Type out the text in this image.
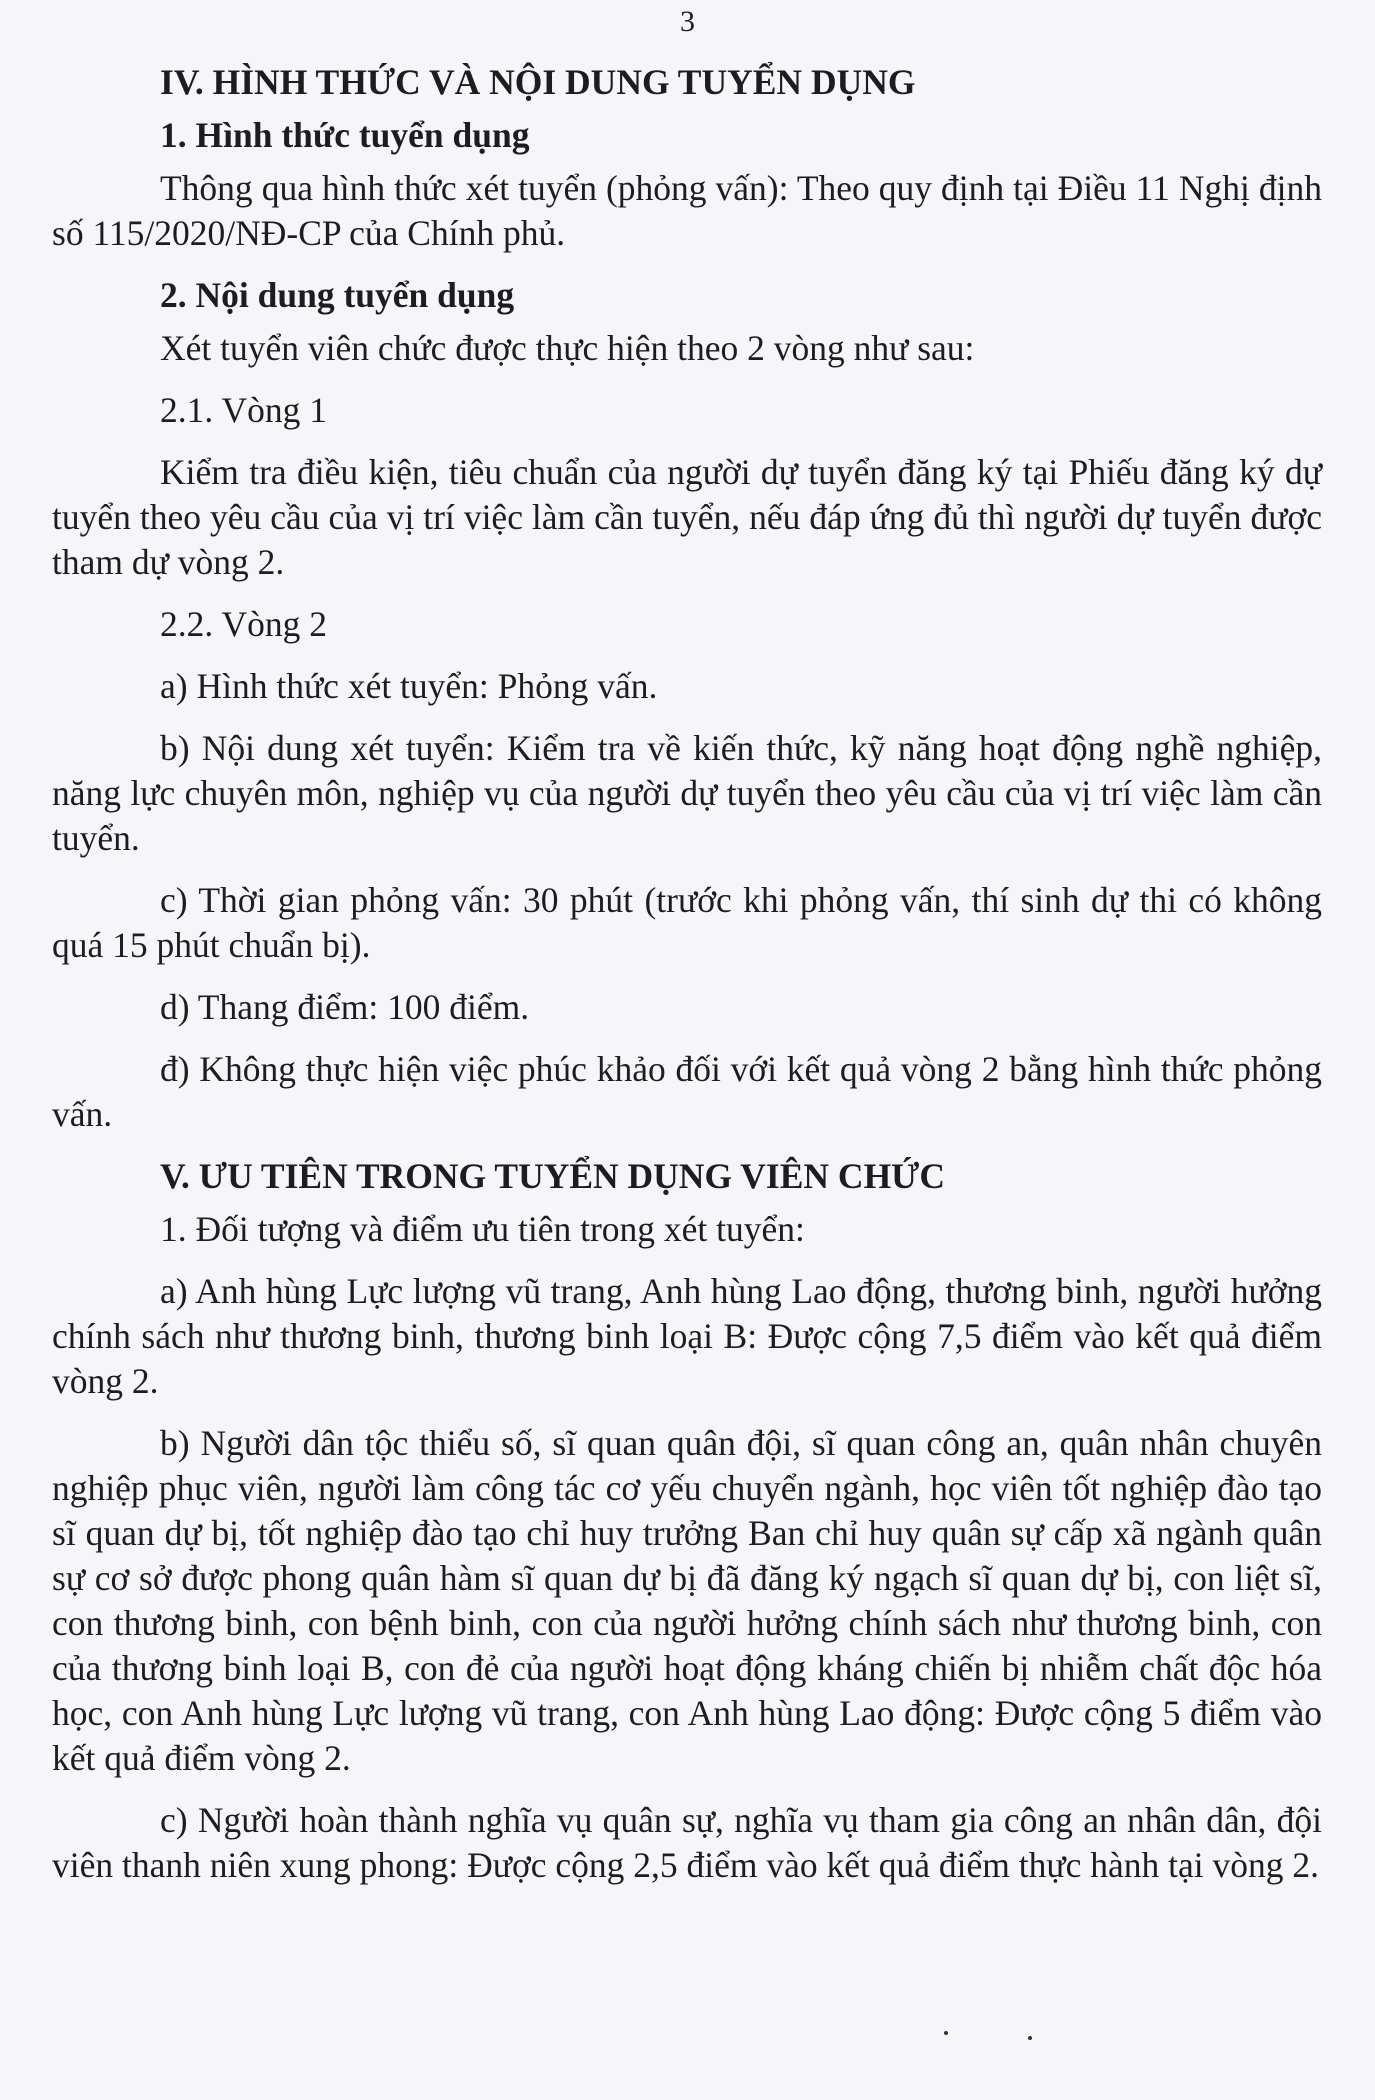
3
IV. HÌNH THỨC VÀ NỘI DUNG TUYỂN DỤNG
1. Hình thức tuyển dụng

Thông qua hình thức xét tuyển (phỏng vấn): Theo quy định tại Điều 11 Nghị định số 115/2020/NĐ-CP của Chính phủ.

2. Nội dung tuyển dụng

Xét tuyển viên chức được thực hiện theo 2 vòng như sau:

2.1. Vòng 1

Kiểm tra điều kiện, tiêu chuẩn của người dự tuyển đăng ký tại Phiếu đăng ký dự tuyển theo yêu cầu của vị trí việc làm cần tuyển, nếu đáp ứng đủ thì người dự tuyển được tham dự vòng 2.

2.2. Vòng 2

a) Hình thức xét tuyển: Phỏng vấn.

b) Nội dung xét tuyển: Kiểm tra về kiến thức, kỹ năng hoạt động nghề nghiệp, năng lực chuyên môn, nghiệp vụ của người dự tuyển theo yêu cầu của vị trí việc làm cần tuyển.

c) Thời gian phỏng vấn: 30 phút (trước khi phỏng vấn, thí sinh dự thi có không quá 15 phút chuẩn bị).

d) Thang điểm: 100 điểm.

đ) Không thực hiện việc phúc khảo đối với kết quả vòng 2 bằng hình thức phỏng vấn.

V. ƯU TIÊN TRONG TUYỂN DỤNG VIÊN CHỨC

1. Đối tượng và điểm ưu tiên trong xét tuyển:

a) Anh hùng Lực lượng vũ trang, Anh hùng Lao động, thương binh, người hưởng chính sách như thương binh, thương binh loại B: Được cộng 7,5 điểm vào kết quả điểm vòng 2.

b) Người dân tộc thiểu số, sĩ quan quân đội, sĩ quan công an, quân nhân chuyên nghiệp phục viên, người làm công tác cơ yếu chuyển ngành, học viên tốt nghiệp đào tạo sĩ quan dự bị, tốt nghiệp đào tạo chỉ huy trưởng Ban chỉ huy quân sự cấp xã ngành quân sự cơ sở được phong quân hàm sĩ quan dự bị đã đăng ký ngạch sĩ quan dự bị, con liệt sĩ, con thương binh, con bệnh binh, con của người hưởng chính sách như thương binh, con của thương binh loại B, con đẻ của người hoạt động kháng chiến bị nhiễm chất độc hóa học, con Anh hùng Lực lượng vũ trang, con Anh hùng Lao động: Được cộng 5 điểm vào kết quả điểm vòng 2.

c) Người hoàn thành nghĩa vụ quân sự, nghĩa vụ tham gia công an nhân dân, đội viên thanh niên xung phong: Được cộng 2,5 điểm vào kết quả điểm thực hành tại vòng 2.
